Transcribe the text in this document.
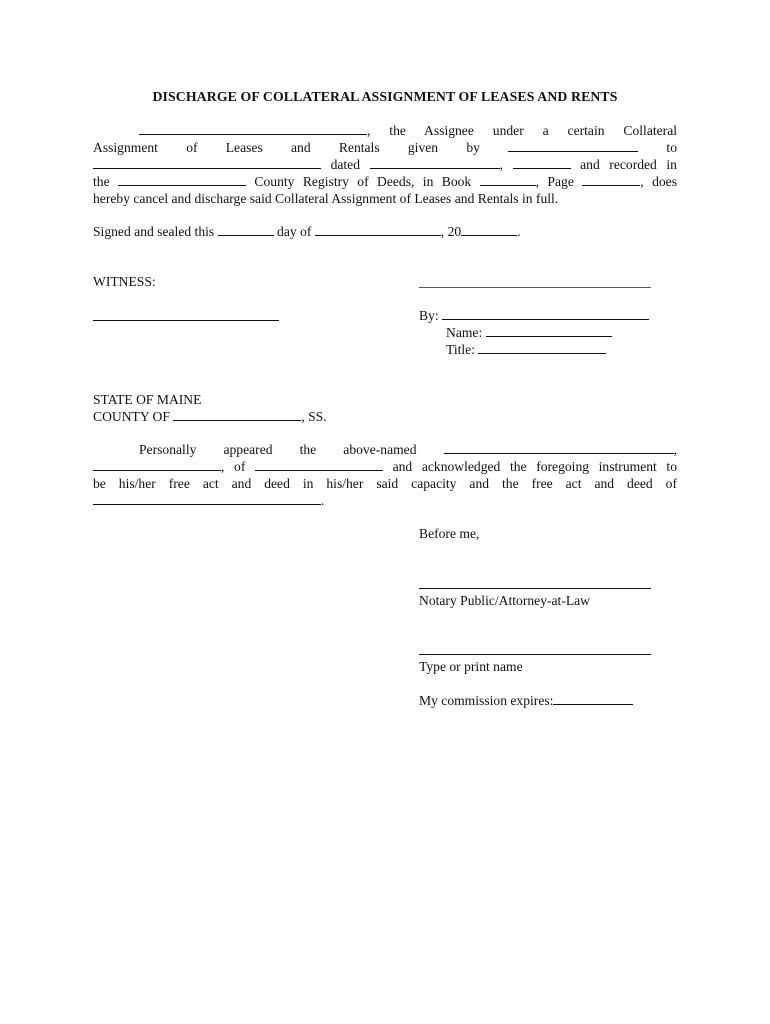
DISCHARGE OF COLLATERAL ASSIGNMENT OF LEASES AND RENTS
, the Assignee under a certain Collateral
Assignment of Leases and Rentals given by	to
dated	,	and recorded in
the	County Registry of Deeds, in Book	, Page	, does
hereby cancel and discharge said Collateral Assignment of Leases and Rentals in full.
Signed and sealed this	day of	, 20	.
WITNESS:
By:
Name:
Title:
STATE OF MAINE
COUNTY OF	, SS.
Personally appeared the above-named	,
, of	and acknowledged the foregoing instrument to
be his/her free act and deed in his/her said capacity and the free act and deed of
.
Before me,
Notary Public/Attorney-at-Law
Type or print name
My commission expires:
